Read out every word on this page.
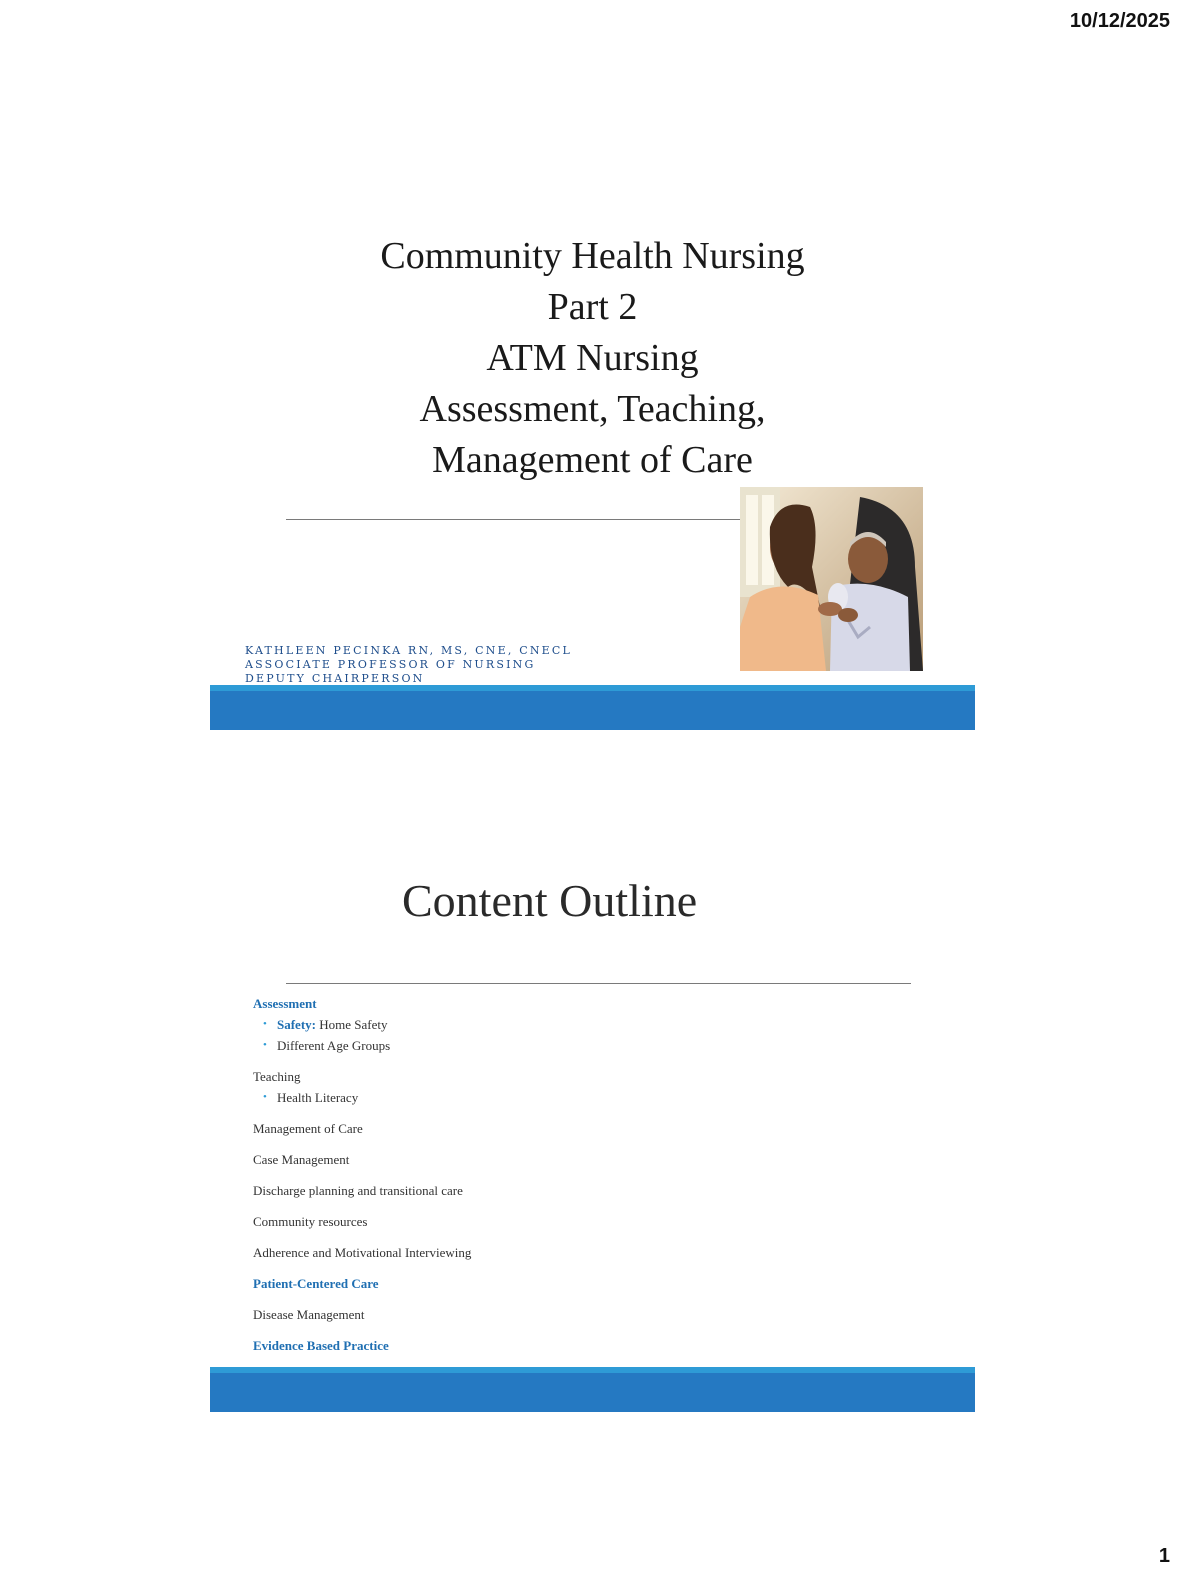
10/12/2025
Community Health Nursing
Part 2
ATM Nursing
Assessment, Teaching,
Management of Care
KATHLEEN PECINKA RN, MS, CNE, CNECL
ASSOCIATE PROFESSOR OF NURSING
DEPUTY CHAIRPERSON
Content Outline
Assessment
• Safety: Home Safety
• Different Age Groups
Teaching
• Health Literacy
Management of Care
Case Management
Discharge planning and transitional care
Community resources
Adherence and Motivational Interviewing
Patient-Centered Care
Disease Management
Evidence Based Practice
1
